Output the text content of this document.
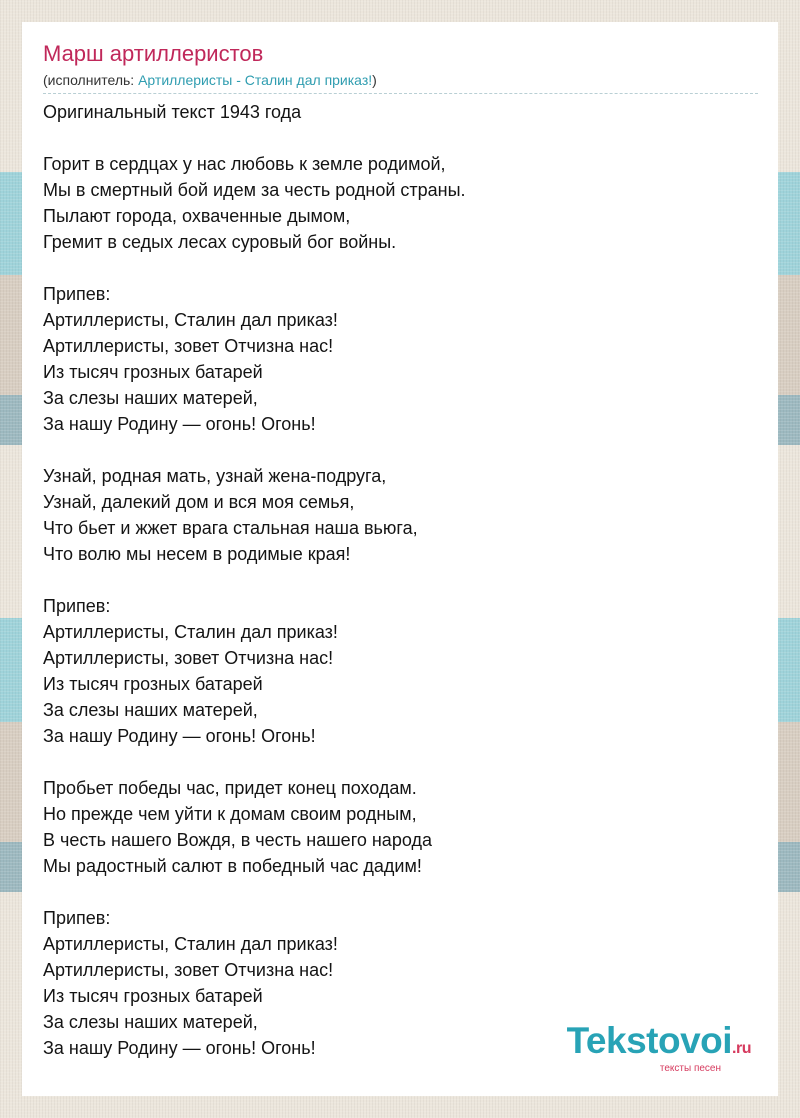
Марш артиллеристов
(исполнитель: Артиллеристы - Сталин дал приказ!)
Оригинальный текст 1943 года
Горит в сердцах у нас любовь к земле родимой,
Мы в смертный бой идем за честь родной страны.
Пылают города, охваченные дымом,
Гремит в седых лесах суровый бог войны.
Припев:
Артиллеристы, Сталин дал приказ!
Артиллеристы, зовет Отчизна нас!
Из тысяч грозных батарей
За слезы наших матерей,
За нашу Родину — огонь! Огонь!
Узнай, родная мать, узнай жена-подруга,
Узнай, далекий дом и вся моя семья,
Что бьет и жжет врага стальная наша вьюга,
Что волю мы несем в родимые края!
Припев:
Артиллеристы, Сталин дал приказ!
Артиллеристы, зовет Отчизна нас!
Из тысяч грозных батарей
За слезы наших матерей,
За нашу Родину — огонь! Огонь!
Пробьет победы час, придет конец походам.
Но прежде чем уйти к домам своим родным,
В честь нашего Вождя, в честь нашего народа
Мы радостный салют в победный час дадим!
Припев:
Артиллеристы, Сталин дал приказ!
Артиллеристы, зовет Отчизна нас!
Из тысяч грозных батарей
За слезы наших матерей,
За нашу Родину — огонь! Огонь!	Tekstovoi.ru
тексты песен
